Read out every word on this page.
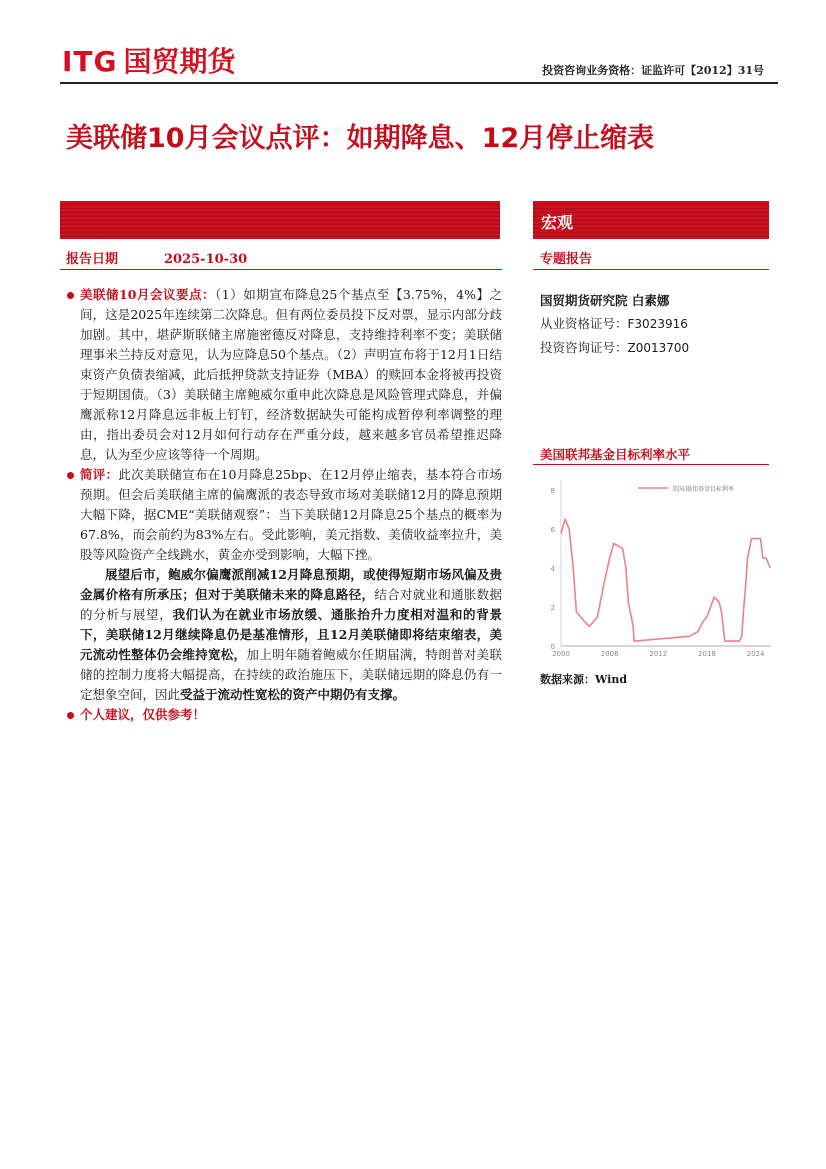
ITG 国贸期货	投资咨询业务资格：证监许可【2012】31号
美联储10月会议点评：如期降息、12月停止缩表
宏观
报告日期	2025-10-30	专题报告

美联储10月会议要点：（1）如期宣布降息25个基点至【3.75%，4%】之间，这是2025年连续第二次降息。但有两位委员投下反对票，显示内部分歧加剧。其中，堪萨斯联储主席施密德反对降息，支持维持利率不变；美联储理事米兰持反对意见，认为应降息50个基点。（2）声明宣布将于12月1日结束资产负债表缩减，此后抵押贷款支持证券（MBA）的赎回本金将被再投资于短期国债。（3）美联储主席鲍威尔重申此次降息是风险管理式降息，并偏鹰派称12月降息远非板上钉钉，经济数据缺失可能构成暂停利率调整的理由，指出委员会对12月如何行动存在严重分歧，越来越多官员希望推迟降息，认为至少应该等待一个周期。

简评：此次美联储宣布在10月降息25bp、在12月停止缩表，基本符合市场预期。但会后美联储主席的偏鹰派的表态导致市场对美联储12月的降息预期大幅下降，据CME“美联储观察”：当下美联储12月降息25个基点的概率为67.8%，而会前约为83%左右。受此影响，美元指数、美债收益率拉升，美股等风险资产全线跳水，黄金亦受到影响，大幅下挫。

展望后市，鲍威尔偏鹰派削减12月降息预期，或使得短期市场风偏及贵金属价格有所承压；但对于美联储未来的降息路径，结合对就业和通胀数据的分析与展望，我们认为在就业市场放缓、通胀抬升力度相对温和的背景下，美联储12月继续降息仍是基准情形，且12月美联储即将结束缩表，美元流动性整体仍会维持宽松，加上明年随着鲍威尔任期届满，特朗普对美联储的控制力度将大幅提高，在持续的政治施压下，美联储远期的降息仍有一定想象空间，因此受益于流动性宽松的资产中期仍有支撑。

个人建议，仅供参考！

国贸期货研究院 白素娜
从业资格证号：F3023916
投资咨询证号：Z0013700
美国联邦基金目标利率水平
0
2
4
6
8
2000	2006	2012	2018	2024
美国:联邦基金目标利率
数据来源：Wind
